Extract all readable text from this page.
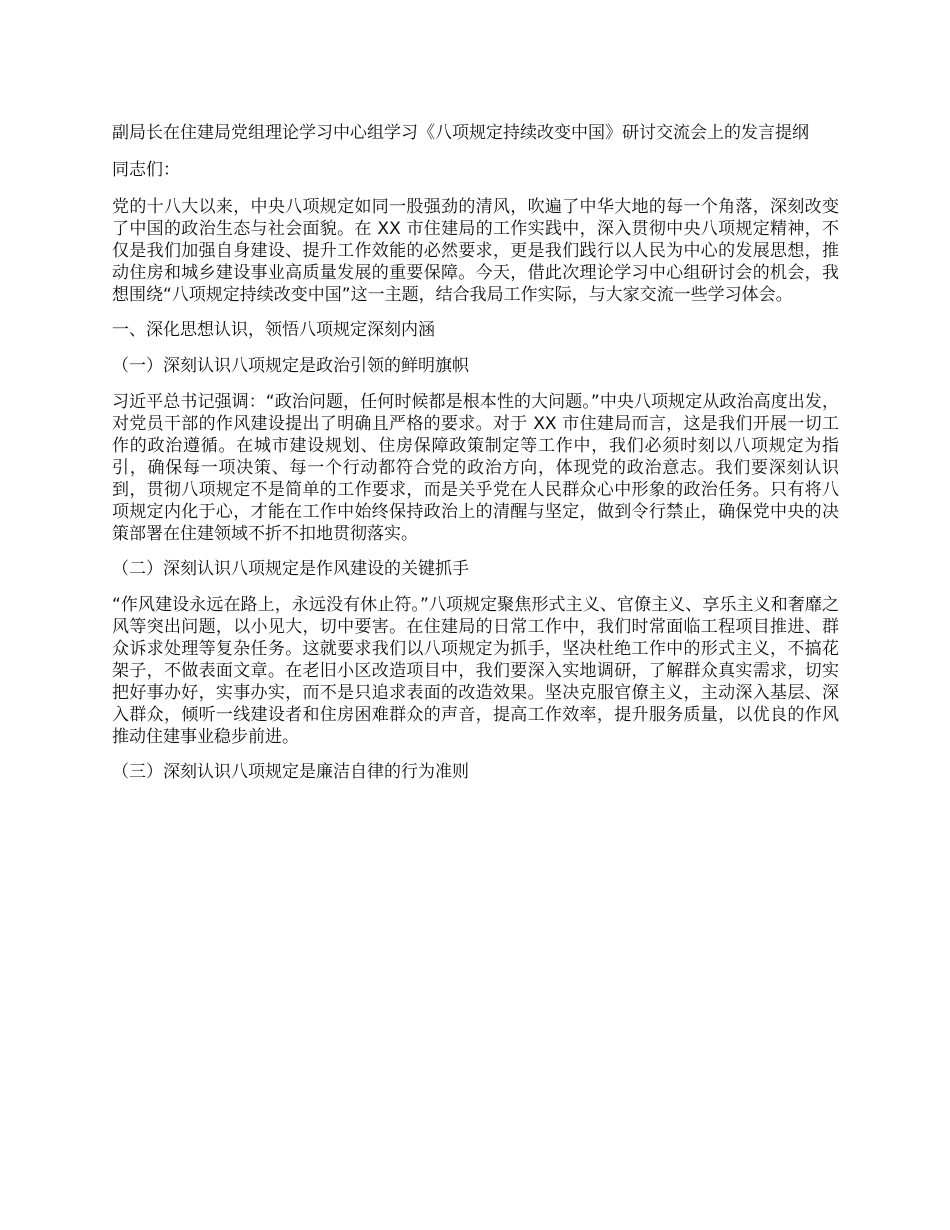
副局长在住建局党组理论学习中心组学习《八项规定持续改变中国》研讨交流会上的发言提纲

同志们：

党的十八大以来，中央八项规定如同一股强劲的清风，吹遍了中华大地的每一个角落，深刻改变了中国的政治生态与社会面貌。在 XX 市住建局的工作实践中，深入贯彻中央八项规定精神，不仅是我们加强自身建设、提升工作效能的必然要求，更是我们践行以人民为中心的发展思想，推动住房和城乡建设事业高质量发展的重要保障。今天，借此次理论学习中心组研讨会的机会，我想围绕“八项规定持续改变中国”这一主题，结合我局工作实际，与大家交流一些学习体会。

一、深化思想认识，领悟八项规定深刻内涵

（一）深刻认识八项规定是政治引领的鲜明旗帜

习近平总书记强调：“政治问题，任何时候都是根本性的大问题。”中央八项规定从政治高度出发，对党员干部的作风建设提出了明确且严格的要求。对于 XX 市住建局而言，这是我们开展一切工作的政治遵循。在城市建设规划、住房保障政策制定等工作中，我们必须时刻以八项规定为指引，确保每一项决策、每一个行动都符合党的政治方向，体现党的政治意志。我们要深刻认识到，贯彻八项规定不是简单的工作要求，而是关乎党在人民群众心中形象的政治任务。只有将八项规定内化于心，才能在工作中始终保持政治上的清醒与坚定，做到令行禁止，确保党中央的决策部署在住建领域不折不扣地贯彻落实。

（二）深刻认识八项规定是作风建设的关键抓手

“作风建设永远在路上，永远没有休止符。”八项规定聚焦形式主义、官僚主义、享乐主义和奢靡之风等突出问题，以小见大，切中要害。在住建局的日常工作中，我们时常面临工程项目推进、群众诉求处理等复杂任务。这就要求我们以八项规定为抓手，坚决杜绝工作中的形式主义，不搞花架子，不做表面文章。在老旧小区改造项目中，我们要深入实地调研，了解群众真实需求，切实把好事办好，实事办实，而不是只追求表面的改造效果。坚决克服官僚主义，主动深入基层、深入群众，倾听一线建设者和住房困难群众的声音，提高工作效率，提升服务质量，以优良的作风推动住建事业稳步前进。

（三）深刻认识八项规定是廉洁自律的行为准则
